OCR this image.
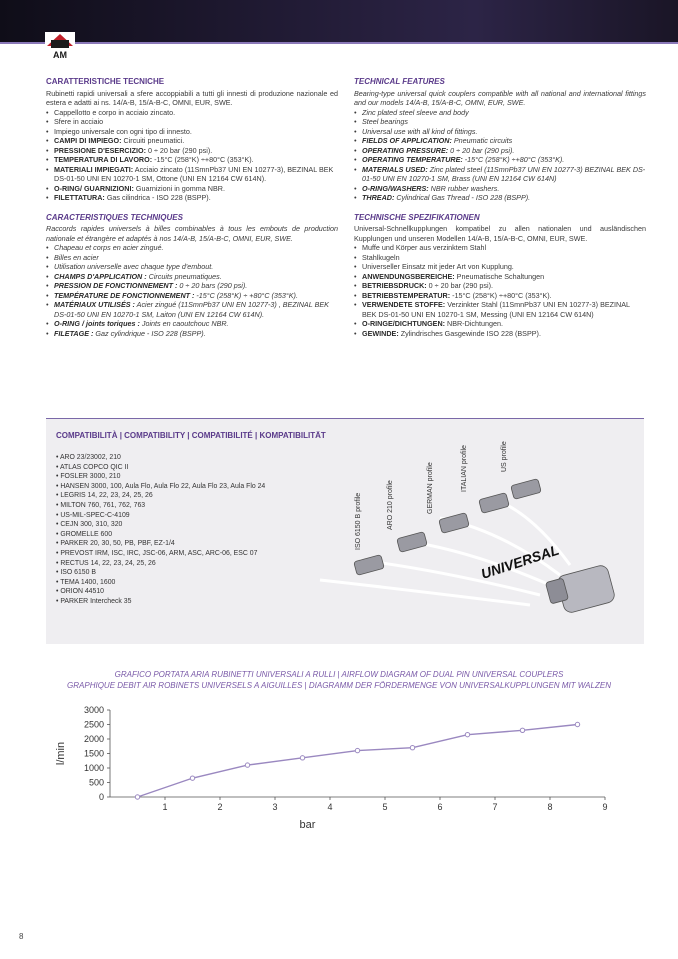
AM
CARATTERISTICHE TECNICHE
Rubinetti rapidi universali a sfere accoppiabili a tutti gli innesti di produzione nazionale ed estera e adatti ai ns. 14/A-B, 15/A-B-C, OMNI, EUR, SWE.
• Cappellotto e corpo in acciaio zincato.
• Sfere in acciaio
• Impiego universale con ogni tipo di innesto.
• CAMPI DI IMPIEGO: Circuiti pneumatici.
• PRESSIONE D'ESERCIZIO: 0 ÷ 20 bar (290 psi).
• TEMPERATURA DI LAVORO: -15°C (258°K) ÷+80°C (353°K).
• MATERIALI IMPIEGATI: Acciaio zincato (11SmnPb37 UNI EN 10277-3), BEZINAL BEK DS-01-50 UNI EN 10270-1 SM, Ottone (UNI EN 12164 CW 614N).
• O-RING/ GUARNIZIONI: Guarnizioni in gomma NBR.
• FILETTATURA: Gas cilindrica - ISO 228 (BSPP).
CARACTERISTIQUES TECHNIQUES
Raccords rapides universels à billes combinables à tous les embouts de production nationale et étrangère et adaptés à nos 14/A-B, 15/A-B-C, OMNI, EUR, SWE.
• Chapeau et corps en acier zingué.
• Billes en acier
• Utilisation universelle avec chaque type d'embout.
• CHAMPS D'APPLICATION : Circuits pneumatiques.
• PRESSION DE FONCTIONNEMENT : 0 ÷ 20 bars (290 psi).
• TEMPÉRATURE DE FONCTIONNEMENT : -15°C (258°K) ÷ +80°C (353°K).
• MATÉRIAUX UTILISÉS : Acier zingué (11SmnPb37 UNI EN 10277-3) , BEZINAL BEK DS-01-50 UNI EN 10270-1 SM, Laiton (UNI EN 12164 CW 614N).
• O-RING / joints toriques : Joints en caoutchouc NBR.
• FILETAGE : Gaz cylindrique - ISO 228 (BSPP).
TECHNICAL FEATURES
Bearing-type universal quick couplers compatible with all national and international fittings and our models 14/A-B, 15/A-B-C, OMNI, EUR, SWE.
• Zinc plated steel sleeve and body
• Steel bearings
• Universal use with all kind of fittings.
• FIELDS OF APPLICATION: Pneumatic circuits
• OPERATING PRESSURE: 0 ÷ 20 bar (290 psi).
• OPERATING TEMPERATURE: -15°C (258°K) ÷+80°C (353°K).
• MATERIALS USED: Zinc plated steel (11SmnPb37 UNI EN 10277-3) BEZINAL BEK DS-01-50 UNI EN 10270-1 SM, Brass (UNI EN 12164 CW 614N)
• O-RING/WASHERS: NBR rubber washers.
• THREAD: Cylindrical Gas Thread - ISO 228 (BSPP).
TECHNISCHE SPEZIFIKATIONEN
Universal-Schnellkupplungen kompatibel zu allen nationalen und ausländischen Kupplungen und unseren Modellen 14/A-B, 15/A-B-C, OMNI, EUR, SWE.
• Muffe und Körper aus verzinktem Stahl
• Stahlkugeln
• Universeller Einsatz mit jeder Art von Kupplung.
• ANWENDUNGSBEREICHE: Pneumatische Schaltungen
• BETRIEBSDRUCK: 0 ÷ 20 bar (290 psi).
• BETRIEBSTEMPERATUR: -15°C (258°K) ÷+80°C (353°K).
• VERWENDETE STOFFE: Verzinkter Stahl (11SmnPb37 UNI EN 10277-3) BEZINAL BEK DS-01-50 UNI EN 10270-1 SM, Messing (UNI EN 12164 CW 614N)
• O-RINGE/DICHTUNGEN: NBR-Dichtungen.
• GEWINDE: Zylindrisches Gasgewinde ISO 228 (BSPP).
COMPATIBILITÀ | COMPATIBILITY | COMPATIBILITÉ | KOMPATIBILITÄT
• ARO 23/23002, 210
• ATLAS COPCO QIC II
• FOSLER 3000, 210
• HANSEN 3000, 100, Aula Flo, Aula Flo 22, Aula Flo 23, Aula Flo 24
• LEGRIS 14, 22, 23, 24, 25, 26
• MILTON 760, 761, 762, 763
• US-MIL-SPEC-C-4109
• CEJN 300, 310, 320
• GROMELLE 600
• PARKER 20, 30, 50, PB, PBF, EZ-1/4
• PREVOST IRM, ISC, IRC, JSC-06, ARM, ASC, ARC-06, ESC 07
• RECTUS 14, 22, 23, 24, 25, 26
• ISO 6150 B
• TEMA 1400, 1600
• ORION 44510
• PARKER Intercheck 35
ISO 6150 B profile	ARO 210 profile	GERMAN profile	ITALIAN profile	US profile
UNIVERSAL
GRAFICO PORTATA ARIA RUBINETTI UNIVERSALI A RULLI | AIRFLOW DIAGRAM OF DUAL PIN UNIVERSAL COUPLERS
GRAPHIQUE DEBIT AIR ROBINETS UNIVERSELS A AIGUILLES | DIAGRAMM DER FÖRDERMENGE VON UNIVERSALKUPPLUNGEN MIT WALZEN
0
500
1000
1500
2000
2500
3000
1	2	3	4	5	6	7	8	9
bar
l/min
8
